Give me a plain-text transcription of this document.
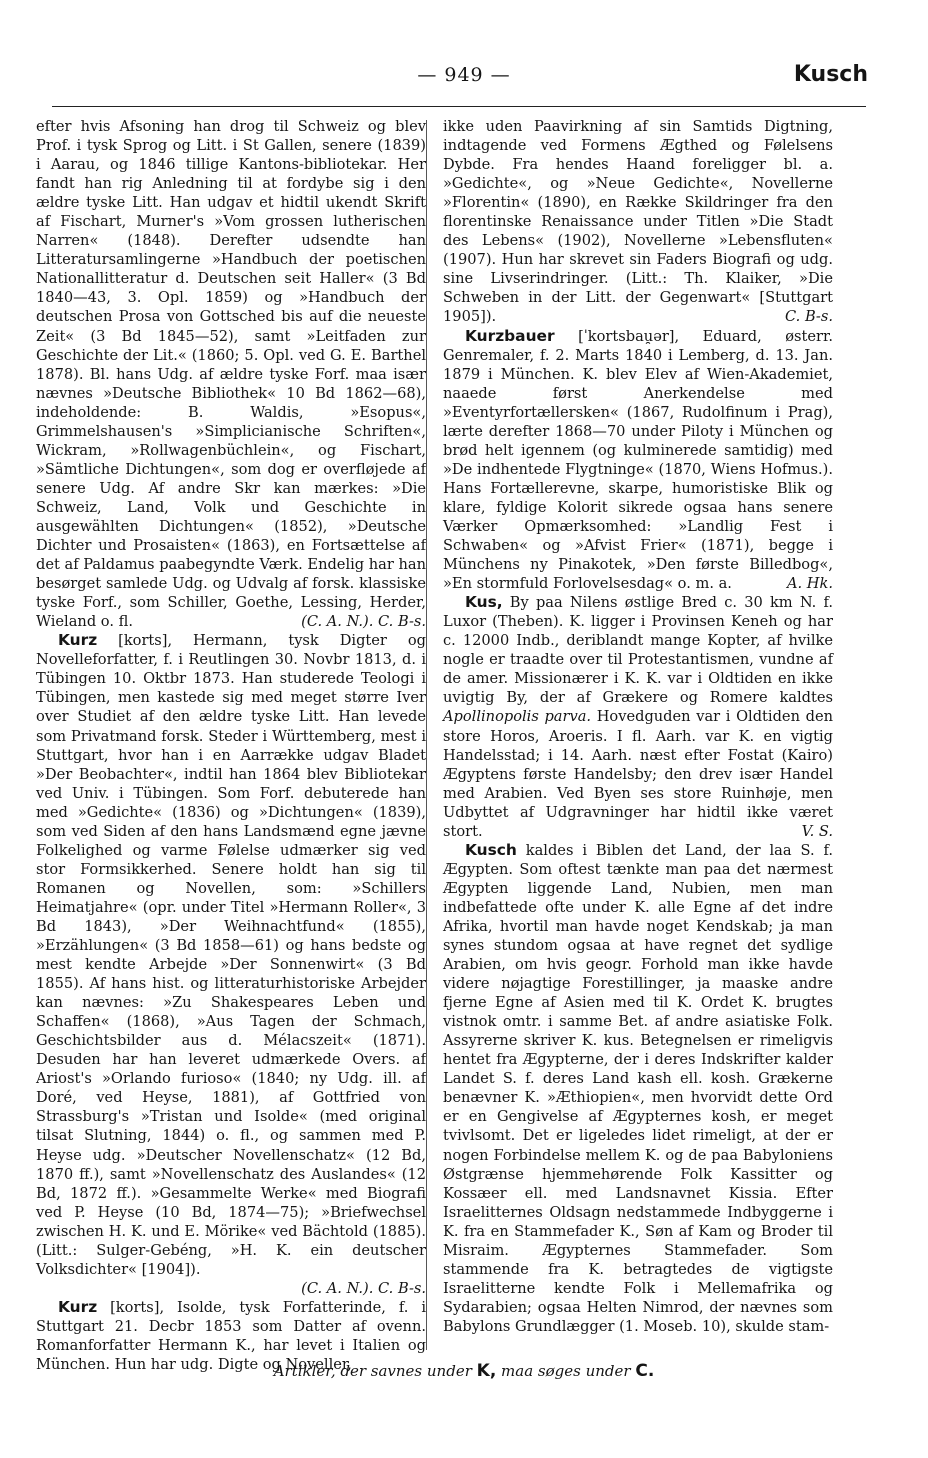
— 949 —	Kusch

efter hvis Afsoning han drog til Schweiz og blev Prof. i tysk Sprog og Litt. i St Gallen, senere (1839) i Aarau, og 1846 tillige Kantons-bibliotekar. Her fandt han rig Anledning til at fordybe sig i den ældre tyske Litt. Han udgav et hidtil ukendt Skrift af Fischart, Murner's »Vom grossen lutherischen Narren« (1848). Derefter udsendte han Litteratursamlingerne »Handbuch der poetischen Nationallitteratur d. Deutschen seit Haller« (3 Bd 1840—43, 3. Opl. 1859) og »Handbuch der deutschen Prosa von Gottsched bis auf die neueste Zeit« (3 Bd 1845—52), samt »Leitfaden zur Geschichte der Lit.« (1860; 5. Opl. ved G. E. Barthel 1878). Bl. hans Udg. af ældre tyske Forf. maa især nævnes »Deutsche Bibliothek« 10 Bd 1862—68), indeholdende: B. Waldis, »Esopus«, Grimmelshausen's »Simplicianische Schriften«, Wickram, »Rollwagenbüchlein«, og Fischart, »Sämtliche Dichtungen«, som dog er overfløjede af senere Udg. Af andre Skr kan mærkes: »Die Schweiz, Land, Volk und Geschichte in ausgewählten Dichtungen« (1852), »Deutsche Dichter und Prosaisten« (1863), en Fortsættelse af det af Paldamus paabegyndte Værk. Endelig har han besørget samlede Udg. og Udvalg af forsk. klassiske tyske Forf., som Schiller, Goethe, Lessing, Herder, Wieland o. fl.	(C. A. N.). C. B-s.

Kurz [korts], Hermann, tysk Digter og Novelleforfatter, f. i Reutlingen 30. Novbr 1813, d. i Tübingen 10. Oktbr 1873. Han studerede Teologi i Tübingen, men kastede sig med meget større Iver over Studiet af den ældre tyske Litt. Han levede som Privatmand forsk. Steder i Württemberg, mest i Stuttgart, hvor han i en Aarrække udgav Bladet »Der Beobachter«, indtil han 1864 blev Bibliotekar ved Univ. i Tübingen. Som Forf. debuterede han med »Gedichte« (1836) og »Dichtungen« (1839), som ved Siden af den hans Landsmænd egne jævne Folkelighed og varme Følelse udmærker sig ved stor Formsikkerhed. Senere holdt han sig til Romanen og Novellen, som: »Schillers Heimatjahre« (opr. under Titel »Hermann Roller«, 3 Bd 1843), »Der Weihnachtfund« (1855), »Erzählungen« (3 Bd 1858—61) og hans bedste og mest kendte Arbejde »Der Sonnenwirt« (3 Bd 1855). Af hans hist. og litteraturhistoriske Arbejder kan nævnes: »Zu Shakespeares Leben und Schaffen« (1868), »Aus Tagen der Schmach, Geschichtsbilder aus d. Mélacszeit« (1871). Desuden har han leveret udmærkede Overs. af Ariost's »Orlando furioso« (1840; ny Udg. ill. af Doré, ved Heyse, 1881), af Gottfried von Strassburg's »Tristan und Isolde« (med original tilsat Slutning, 1844) o. fl., og sammen med P. Heyse udg. »Deutscher Novellenschatz« (12 Bd, 1870 ff.), samt »Novellenschatz des Auslandes« (12 Bd, 1872 ff.). »Gesammelte Werke« med Biografi ved P. Heyse (10 Bd, 1874—75); »Briefwechsel zwischen H. K. und E. Mörike« ved Bächtold (1885). (Litt.: Sulger-Gebéng, »H. K. ein deutscher Volksdichter« [1904]).
(C. A. N.). C. B-s.

Kurz [korts], Isolde, tysk Forfatterinde, f. i Stuttgart 21. Decbr 1853 som Datter af ovenn. Romanforfatter Hermann K., har levet i Italien og München. Hun har udg. Digte og Noveller,

ikke uden Paavirkning af sin Samtids Digtning, indtagende ved Formens Ægthed og Følelsens Dybde. Fra hendes Haand foreligger bl. a. »Gedichte«, og »Neue Gedichte«, Novellerne »Florentin« (1890), en Række Skildringer fra den florentinske Renaissance under Titlen »Die Stadt des Lebens« (1902), Novellerne »Lebensfluten« (1907). Hun har skrevet sin Faders Biografi og udg. sine Livserindringer. (Litt.: Th. Klaiker, »Die Schweben in der Litt. der Gegenwart« [Stuttgart 1905]).	C. B-s.

Kurzbauer [ˈkortsbau̯ər], Eduard, østerr. Genremaler, f. 2. Marts 1840 i Lemberg, d. 13. Jan. 1879 i München. K. blev Elev af Wien-Akademiet, naaede først Anerkendelse med »Eventyrfortællersken« (1867, Rudolfinum i Prag), lærte derefter 1868—70 under Piloty i München og brød helt igennem (og kulminerede samtidig) med »De indhentede Flygtninge« (1870, Wiens Hofmus.). Hans Fortællerevne, skarpe, humoristiske Blik og klare, fyldige Kolorit sikrede ogsaa hans senere Værker Opmærksomhed: »Landlig Fest i Schwaben« og »Afvist Frier« (1871), begge i Münchens ny Pinakotek, »Den første Billedbog«, »En stormfuld Forlovelsesdag« o. m. a.	A. Hk.

Kus, By paa Nilens østlige Bred c. 30 km N. f. Luxor (Theben). K. ligger i Provinsen Keneh og har c. 12000 Indb., deriblandt mange Kopter, af hvilke nogle er traadte over til Protestantismen, vundne af de amer. Missionærer i K. K. var i Oldtiden en ikke uvigtig By, der af Grækere og Romere kaldtes Apollinopolis parva. Hovedguden var i Oldtiden den store Horos, Aroeris. I fl. Aarh. var K. en vigtig Handelsstad; i 14. Aarh. næst efter Fostat (Kairo) Ægyptens første Handelsby; den drev især Handel med Arabien. Ved Byen ses store Ruinhøje, men Udbyttet af Udgravninger har hidtil ikke været stort.	V. S.

Kusch kaldes i Biblen det Land, der laa S. f. Ægypten. Som oftest tænkte man paa det nærmest Ægypten liggende Land, Nubien, men man indbefattede ofte under K. alle Egne af det indre Afrika, hvortil man havde noget Kendskab; ja man synes stundom ogsaa at have regnet det sydlige Arabien, om hvis geogr. Forhold man ikke havde videre nøjagtige Forestillinger, ja maaske andre fjerne Egne af Asien med til K. Ordet K. brugtes vistnok omtr. i samme Bet. af andre asiatiske Folk. Assyrerne skriver K. kus. Betegnelsen er rimeligvis hentet fra Ægypterne, der i deres Indskrifter kalder Landet S. f. deres Land kash ell. kosh. Grækerne benævner K. »Æthiopien«, men hvorvidt dette Ord er en Gengivelse af Ægypternes kosh, er meget tvivlsomt. Det er ligeledes lidet rimeligt, at der er nogen Forbindelse mellem K. og de paa Babyloniens Østgrænse hjemmehørende Folk Kassitter og Kossæer ell. med Landsnavnet Kissia. Efter Israelitternes Oldsagn nedstammede Indbyggerne i K. fra en Stammefader K., Søn af Kam og Broder til Misraim. Ægypternes Stammefader. Som stammende fra K. betragtedes de vigtigste Israelitterne kendte Folk i Mellemafrika og Sydarabien; ogsaa Helten Nimrod, der nævnes som Babylons Grundlægger (1. Moseb. 10), skulde stam-

Artikler, der savnes under K, maa søges under C.
